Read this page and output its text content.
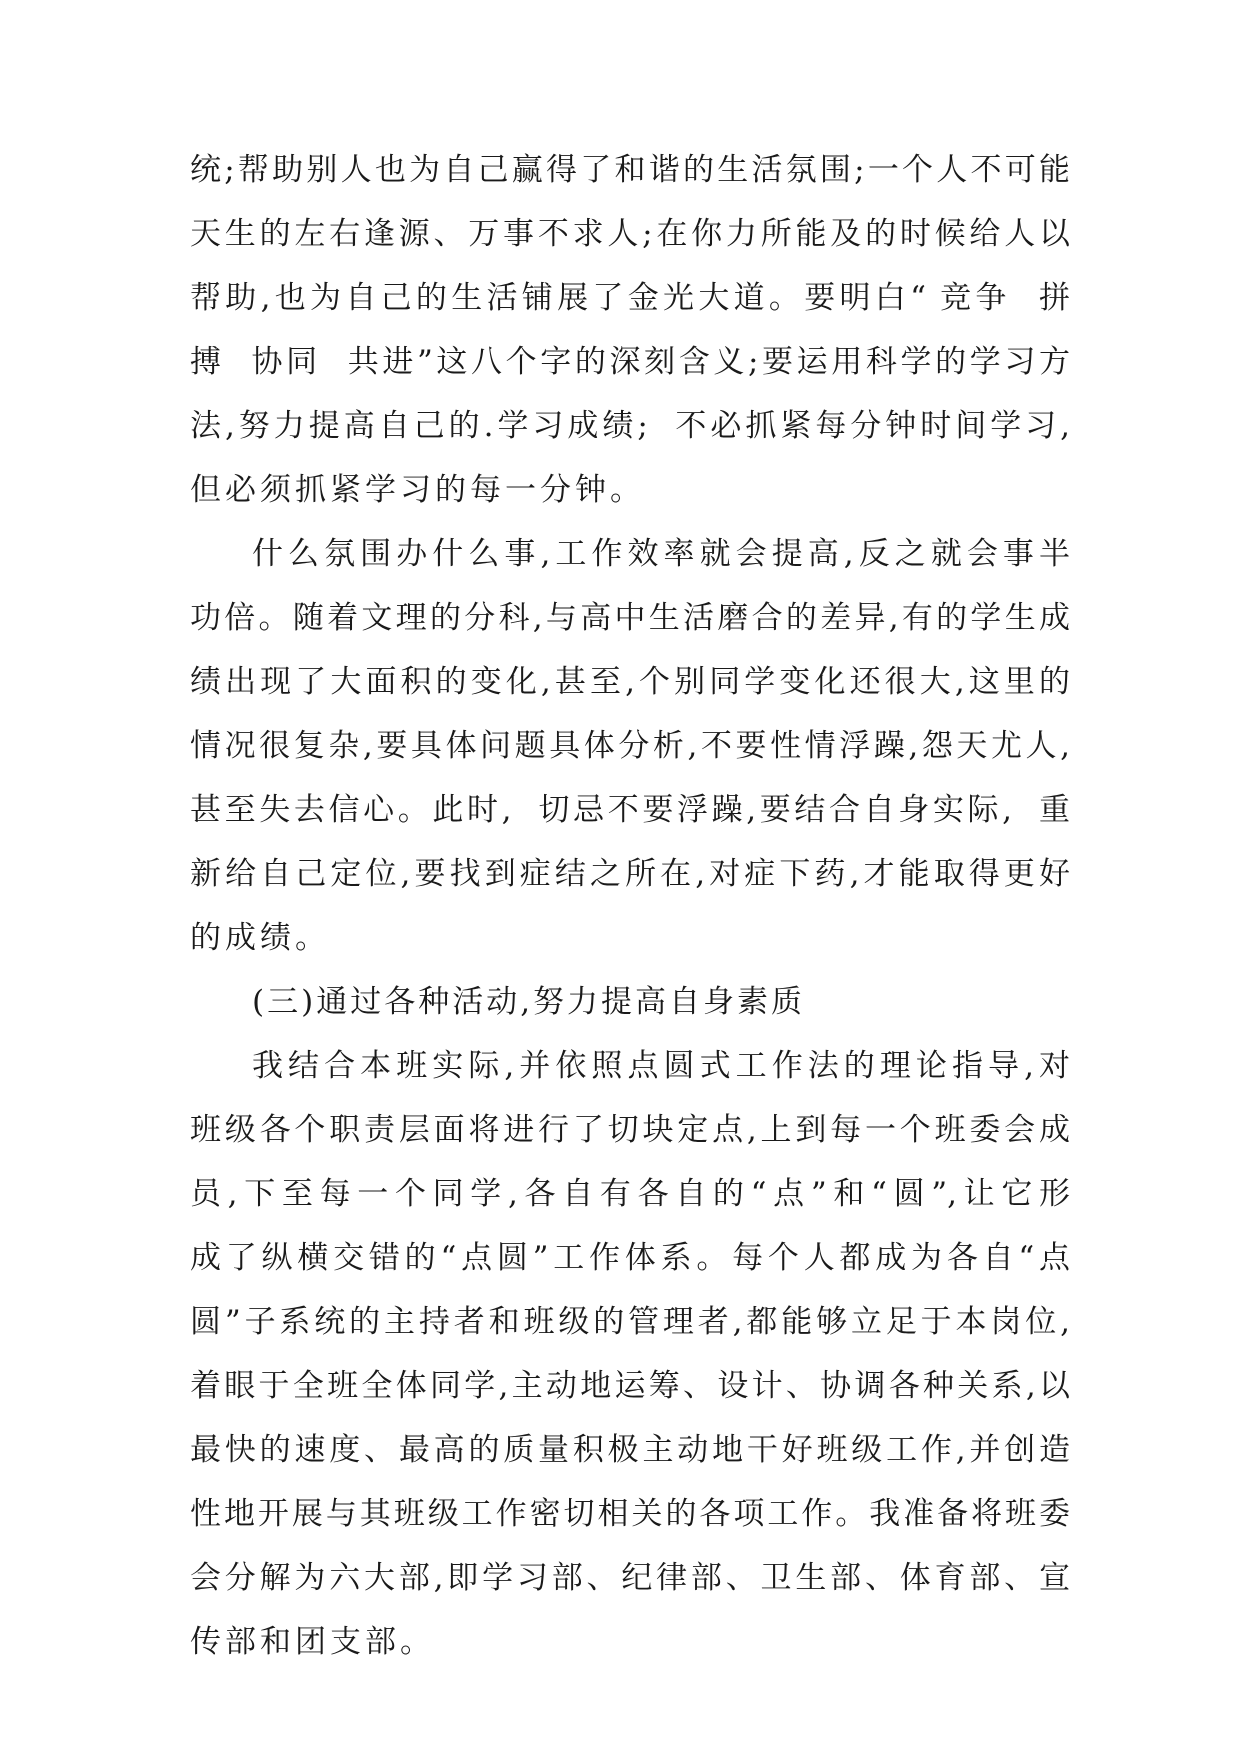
统;帮助别人也为自己赢得了和谐的生活氛围;一个人不可能
天生的左右逢源、万事不求人;在你力所能及的时候给人以
帮助,也为自己的生活铺展了金光大道。要明白“ 竞争  拼
搏  协同  共进”这八个字的深刻含义;要运用科学的学习方
法,努力提高自己的.学习成绩;  不必抓紧每分钟时间学习,
但必须抓紧学习的每一分钟。
什么氛围办什么事,工作效率就会提高,反之就会事半
功倍。随着文理的分科,与高中生活磨合的差异,有的学生成
绩出现了大面积的变化,甚至,个别同学变化还很大,这里的
情况很复杂,要具体问题具体分析,不要性情浮躁,怨天尤人,
甚至失去信心。此时,  切忌不要浮躁,要结合自身实际,  重
新给自己定位,要找到症结之所在,对症下药,才能取得更好
的成绩。
(三)通过各种活动,努力提高自身素质
我结合本班实际,并依照点圆式工作法的理论指导,对
班级各个职责层面将进行了切块定点,上到每一个班委会成
员,下至每一个同学,各自有各自的“点”和“圆”,让它形
成了纵横交错的“点圆”工作体系。每个人都成为各自“点
圆”子系统的主持者和班级的管理者,都能够立足于本岗位,
着眼于全班全体同学,主动地运筹、设计、协调各种关系,以
最快的速度、最高的质量积极主动地干好班级工作,并创造
性地开展与其班级工作密切相关的各项工作。我准备将班委
会分解为六大部,即学习部、纪律部、卫生部、体育部、宣
传部和团支部。
